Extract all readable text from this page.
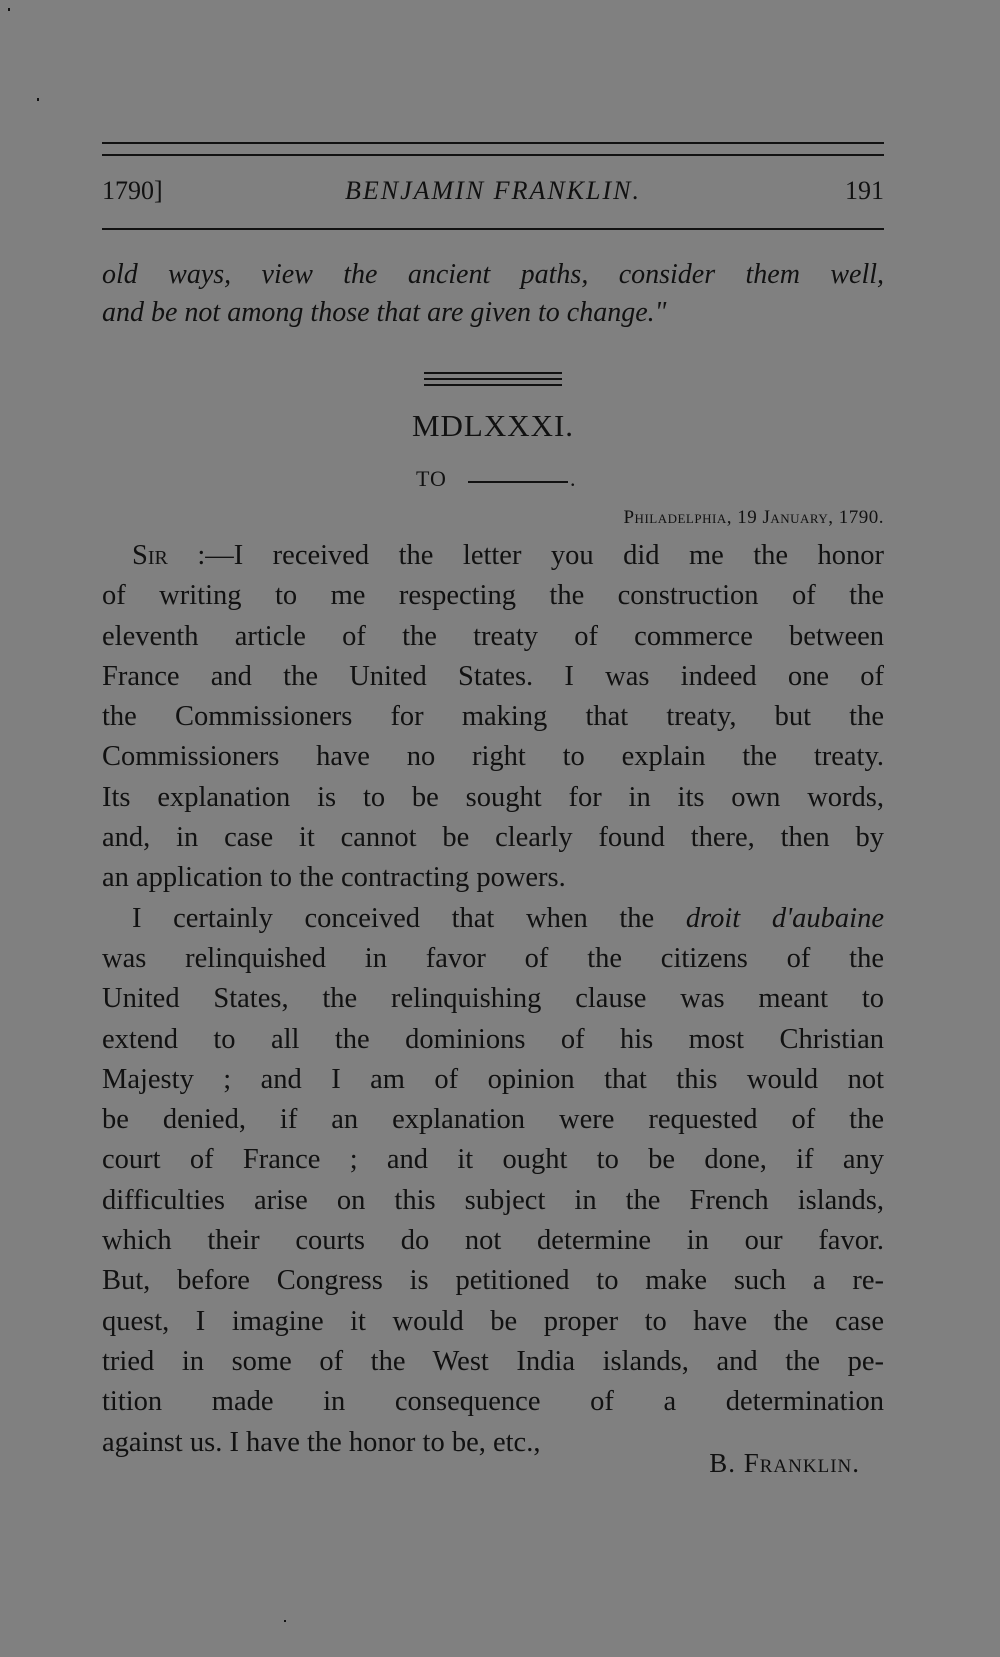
1790]	BENJAMIN FRANKLIN.	191
old ways, view the ancient paths, consider them well,
and be not among those that are given to change."
MDLXXXI.
TO	.
Philadelphia, 19 January, 1790.
Sir :—I received the letter you did me the honor
of writing to me respecting the construction of the
eleventh article of the treaty of commerce between
France and the United States. I was indeed one of
the Commissioners for making that treaty, but the
Commissioners have no right to explain the treaty.
Its explanation is to be sought for in its own words,
and, in case it cannot be clearly found there, then by
an application to the contracting powers.
I certainly conceived that when the droit d'aubaine
was relinquished in favor of the citizens of the
United States, the relinquishing clause was meant to
extend to all the dominions of his most Christian
Majesty ; and I am of opinion that this would not
be denied, if an explanation were requested of the
court of France ; and it ought to be done, if any
difficulties arise on this subject in the French islands,
which their courts do not determine in our favor.
But, before Congress is petitioned to make such a re-
quest, I imagine it would be proper to have the case
tried in some of the West India islands, and the pe-
tition made in consequence of a determination
against us. I have the honor to be, etc.,
B. Franklin.
